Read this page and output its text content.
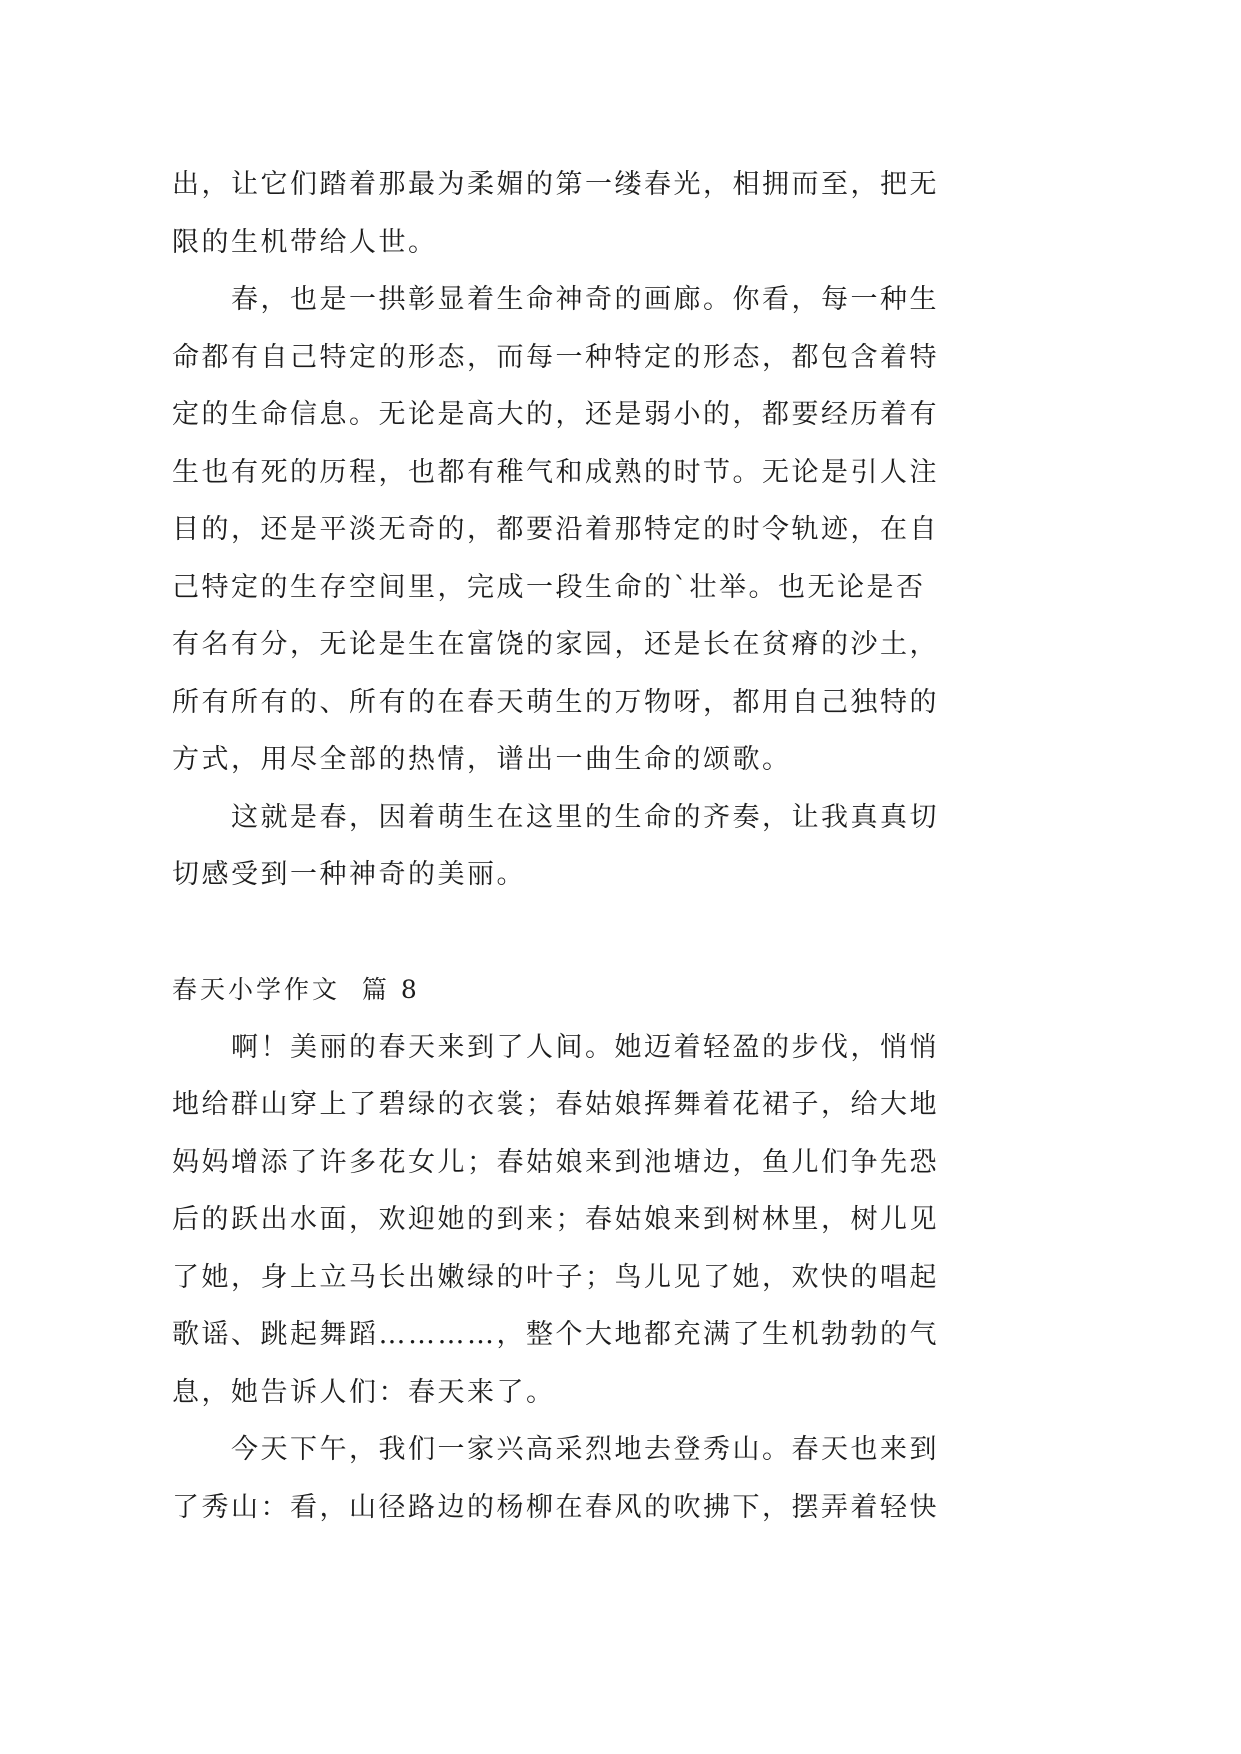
出，让它们踏着那最为柔媚的第一缕春光，相拥而至，把无
限的生机带给人世。
春，也是一拱彰显着生命神奇的画廊。你看，每一种生
命都有自己特定的形态，而每一种特定的形态，都包含着特
定的生命信息。无论是高大的，还是弱小的，都要经历着有
生也有死的历程，也都有稚气和成熟的时节。无论是引人注
目的，还是平淡无奇的，都要沿着那特定的时令轨迹，在自
己特定的生存空间里，完成一段生命的`壮举。也无论是否
有名有分，无论是生在富饶的家园，还是长在贫瘠的沙土，
所有所有的、所有的在春天萌生的万物呀，都用自己独特的
方式，用尽全部的热情，谱出一曲生命的颂歌。
这就是春，因着萌生在这里的生命的齐奏，让我真真切
切感受到一种神奇的美丽。
春天小学作文  篇 8
啊！美丽的春天来到了人间。她迈着轻盈的步伐，悄悄
地给群山穿上了碧绿的衣裳；春姑娘挥舞着花裙子，给大地
妈妈增添了许多花女儿；春姑娘来到池塘边，鱼儿们争先恐
后的跃出水面，欢迎她的到来；春姑娘来到树林里，树儿见
了她，身上立马长出嫩绿的叶子；鸟儿见了她，欢快的唱起
歌谣、跳起舞蹈…………，整个大地都充满了生机勃勃的气
息，她告诉人们：春天来了。
今天下午，我们一家兴高采烈地去登秀山。春天也来到
了秀山：看，山径路边的杨柳在春风的吹拂下，摆弄着轻快
